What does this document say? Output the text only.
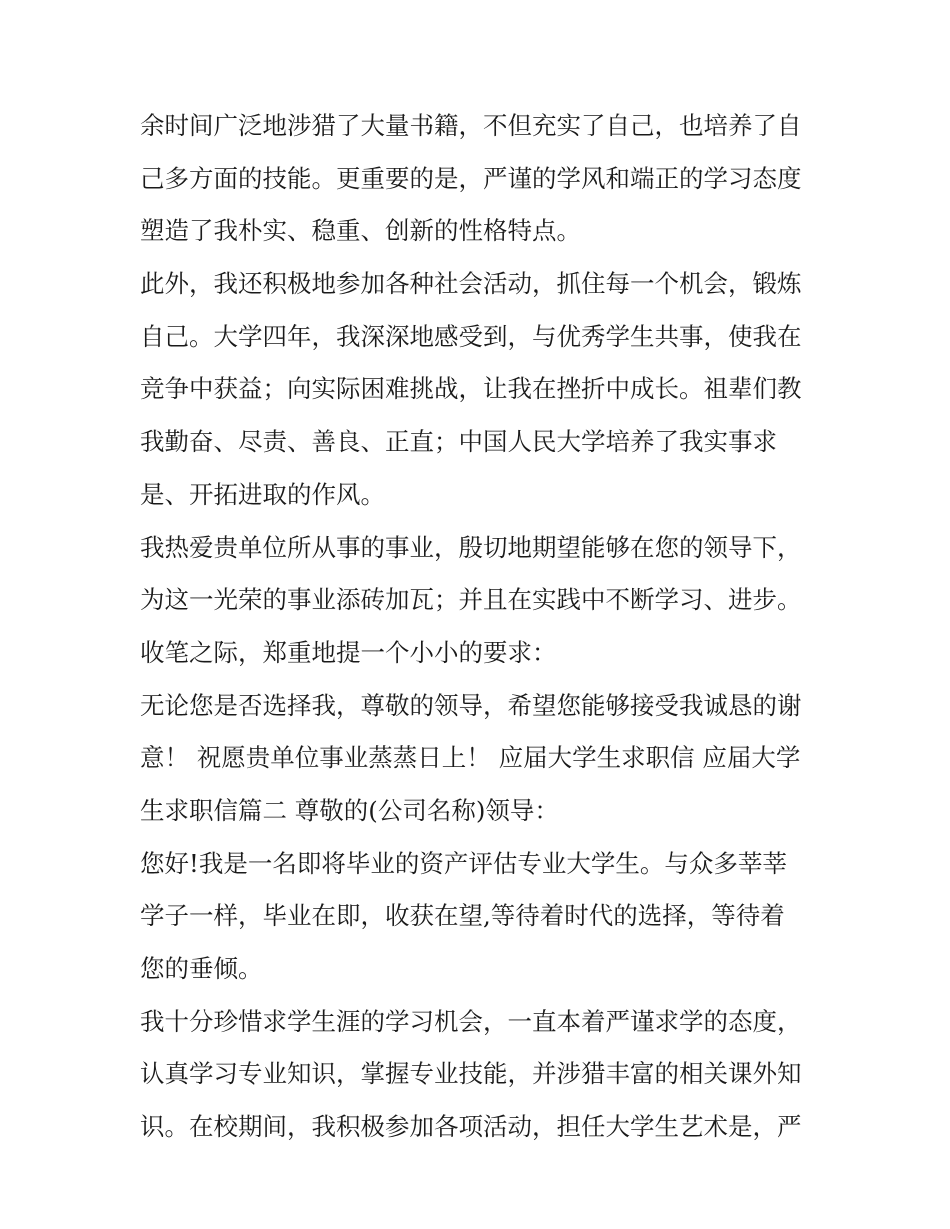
余时间广泛地涉猎了大量书籍，不但充实了自己，也培养了自
己多方面的技能。更重要的是，严谨的学风和端正的学习态度
塑造了我朴实、稳重、创新的性格特点。
此外，我还积极地参加各种社会活动，抓住每一个机会，锻炼
自己。大学四年，我深深地感受到，与优秀学生共事，使我在
竞争中获益；向实际困难挑战，让我在挫折中成长。祖辈们教
我勤奋、尽责、善良、正直；中国人民大学培养了我实事求
是、开拓进取的作风。
我热爱贵单位所从事的事业，殷切地期望能够在您的领导下，
为这一光荣的事业添砖加瓦；并且在实践中不断学习、进步。
收笔之际，郑重地提一个小小的要求：
无论您是否选择我，尊敬的领导，希望您能够接受我诚恳的谢
意！ 祝愿贵单位事业蒸蒸日上！ 应届大学生求职信 应届大学
生求职信篇二 尊敬的(公司名称)领导：
您好!我是一名即将毕业的资产评估专业大学生。与众多莘莘
学子一样，毕业在即，收获在望,等待着时代的选择，等待着
您的垂倾。
我十分珍惜求学生涯的学习机会，一直本着严谨求学的态度，
认真学习专业知识，掌握专业技能，并涉猎丰富的相关课外知
识。在校期间，我积极参加各项活动，担任大学生艺术是，严
